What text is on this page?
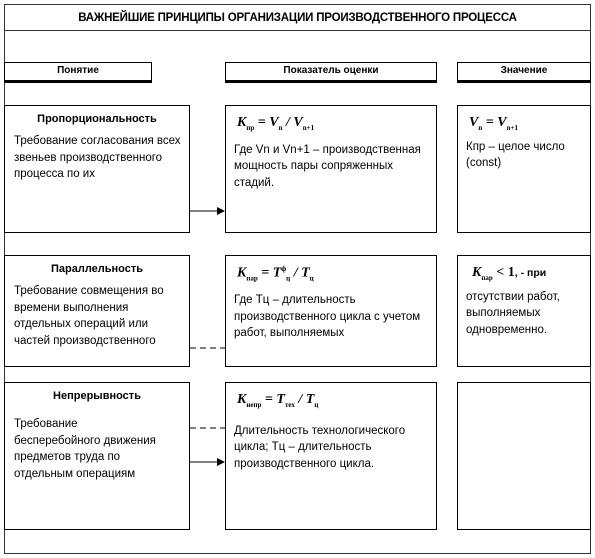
ВАЖНЕЙШИЕ ПРИНЦИПЫ ОРГАНИЗАЦИИ ПРОИЗВОДСТВЕННОГО ПРОЦЕССА
Понятие	Показатель оценки	Значение
Пропорциональность
Требование согласования всех звеньев производственного процесса по их
$K_{пр} = V_n / V_{n+1}$
Где Vn и Vn+1 – производственная мощность пары сопряженных стадий.
$V_n = V_{n+1}$
Кпр – целое число (const)
Параллельность
Требование совмещения во времени выполнения отдельных операций или частей производственного
$K_{пар} = T^ф_ц / T_ц$
Где Тц – длительность производственного цикла с учетом работ, выполняемых
$K_{пар} < 1$, - при
отсутствии работ, выполняемых одновременно.
Непрерывность
Требование бесперебойного движения предметов труда по отдельным операциям
$K_{непр} = T_{тех} / T_ц$
Длительность технологического цикла; Тц – длительность производственного цикла.
